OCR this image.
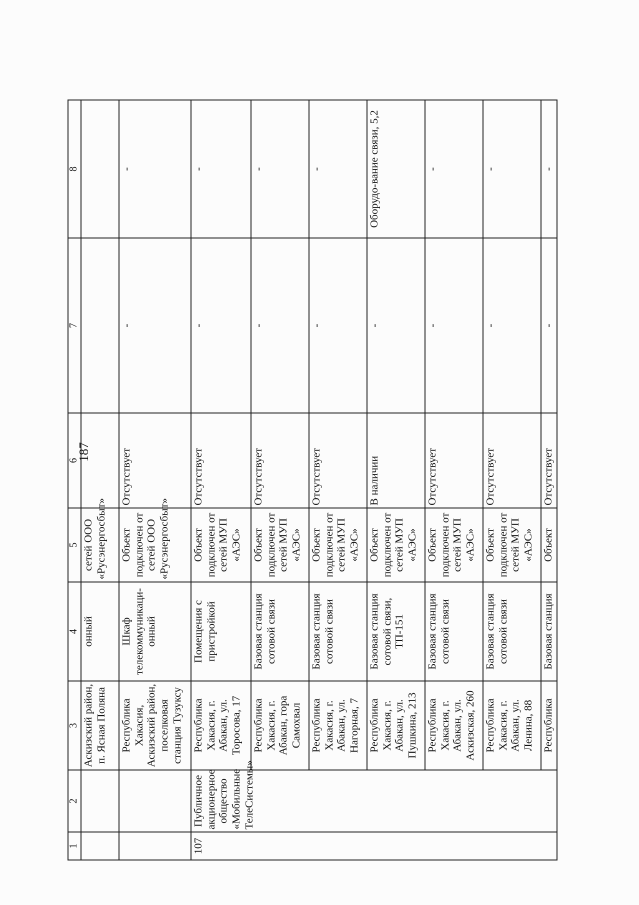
187
1	2	3	4	5	6	7	8
		Аскизский район, п. Ясная Поляна	онный	сетей ООО «Русэнергосбыт»			
		Республика Хакасия, Аскизский район, поселковая станция Тузуксу	Шкаф телекоммуникаци-онный	Объект подключен от сетей ООО «Русэнергосбыт»	Отсутствует	-	-
107	Публичное акционерное общество «Мобильные ТелеСистемы»	Республика Хакасия, г. Абакан, ул. Торосова, 17	Помещения с пристройкой	Объект подключен от сетей МУП «АЭС»	Отсутствует	-	-
		Республика Хакасия, г. Абакан, гора Самохвал	Базовая станция сотовой связи	Объект подключен от сетей МУП «АЭС»	Отсутствует	-	-
		Республика Хакасия, г. Абакан, ул. Нагорная, 7	Базовая станция сотовой связи	Объект подключен от сетей МУП «АЭС»	Отсутствует	-	-
		Республика Хакасия, г. Абакан, ул. Пушкина, 213	Базовая станция сотовой связи, ТП-151	Объект подключен от сетей МУП «АЭС»	В наличии	-	Оборудо-вание связи, 5,2
		Республика Хакасия, г. Абакан, ул. Аскизская, 260	Базовая станция сотовой связи	Объект подключен от сетей МУП «АЭС»	Отсутствует	-	-
		Республика Хакасия, г. Абакан, ул. Ленина, 88	Базовая станция сотовой связи	Объект подключен от сетей МУП «АЭС»	Отсутствует	-	-
		Республика	Базовая станция	Объект	Отсутствует	-	-
